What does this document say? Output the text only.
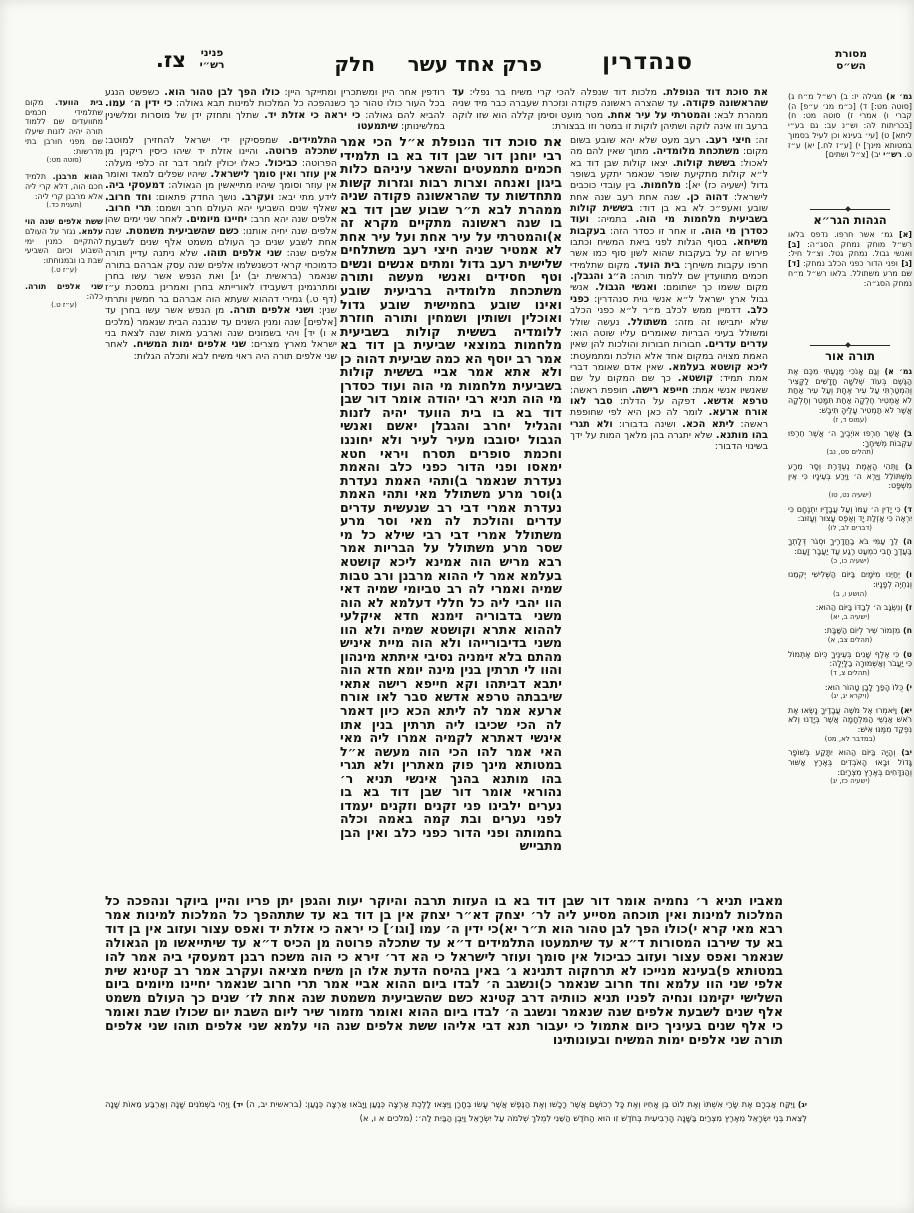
צז.	פניני
רש״י	חלק פרק אחד עשר	סנהדרין	מסורת
הש״ס
בית הוועד. מקום שתלמידי חכמים מתוועדים שם ללמוד תורה יהיה לזנות שיעלו שם מפני חורבן בתי מדרשות:
(סוטה מט:)
ההוא מרבנן. תלמיד חכם הוה, דלא קרי ליה אלא מרבנן קרי ליה:
(תענית כד.)
ששת אלפים שנה הוי עלמא. נגזר על העולם להתקיים כמנין ימי השבוע וכיום השביעי שבת בו ובמנוחתו:
(ע״ז ט.)
שני אלפים תורה. כלה:
(ע״ז ט.)
רודפין אחר היין ומשתכרין ומתייקר היין: כולו הפך לבן טהור הוא. כשפשט הנגע בכל העור כולו טהור כך כשנהפכה כל המלכות למינות תבא גאולה: כי ידין ה׳ עמו. להביא להם גאולה: כי יראה כי אזלת יד. שתלך ותחזק ידן של מוסרות ומלשינין במלשינותן: שיתמעטו
את סוכת דוד הנופלת. מלכות דוד שנפלה להכי קרי משיח בר נפלי: עד שהראשונה פקודה. עד שהצרה ראשונה פקודה ונזכרת שעברה כבר מיד שניה ממהרת לבא: והמטרתי על עיר אחת. מטר מועט וסימן קללה הוא שזו לוקה ברעב וזו אינה לוקה ושתיהן לוקות זו במטר וזו בבצורת:
התלמידים. שמפסיקין ידי ישראל להחזירן למוטב: שתכלה פרוטה. והיינו אזלת יד שיהו כיסין ריקנין מן הפרוטה: כביכול. כאלו יכולין לומר דבר זה כלפי מעלה: אין עוזר ואין סומך לישראל. שיהיו שפלים למאד ואומר אין עוזר וסומך שיהיו מתייאשין מן הגאולה: דמעסקי ביה. לידע מתי יבא: ועקרב. נושך החדק פתאום: וחד חרוב. שאלף שנים השביעי יהא העולם חרב ושמם: תרי חרוב. אלפים שנה יהא חרב: יחיינו מיומים. לאחר שני ימים שהן אלפים שנה יחיה אותנו: כשם שהשביעית משמטת. שנה אחת לשבע שנים כך העולם משמט אלף שנים לשבעת אלפים שנה: שני אלפים תוהו. שלא ניתנה עדיין תורה כדמוכחי קראי דכשנשלמו אלפים שנה עסק אברהם בתורה שנאמר (בראשית יב) יג] ואת הנפש אשר עשו בחרן ומתרגמינן דשעבידו לאורייתא בחרן ואמרינן במסכת ע״ז (דף ט.) גמירי דההוא שעתא הוה אברהם בר חמשין ותרתי שנין: ושני אלפים תורה. מן הנפש אשר עשו בחרן עד [אלפים] שנה ומנין השנים עד שנבנה הבית שנאמר (מלכים א ו) יד] ויהי בשמונים שנה וארבע מאות שנה לצאת בני ישראל מארץ מצרים: שני אלפים ימות המשיח. לאחר שני אלפים תורה היה ראוי משיח לבא ותכלה הגלות:
את סוכת דוד הנופלת א״ל הכי אמר רבי יוחנן דור שבן דוד בא בו תלמידי חכמים מתמעטים והשאר עיניהם כלות ביגון ואנחה וצרות רבות וגזרות קשות מתחדשות עד שהראשונה פקודה שניה ממהרת לבא ת״ר שבוע שבן דוד בא בו שנה ראשונה מתקיים מקרא זה א)והמטרתי על עיר אחת ועל עיר אחת לא אמטיר שניה חיצי רעב משתלחים שלישית רעב גדול ומתים אנשים ונשים וטף חסידים ואנשי מעשה ותורה משתכחת מלומדיה ברביעית שובע ואינו שובע בחמישית שובע גדול ואוכלין ושותין ושמחין ותורה חוזרת ללומדיה בששית קולות בשביעית מלחמות במוצאי שביעית בן דוד בא אמר רב יוסף הא כמה שביעית דהוה כן ולא אתא אמר אביי בששית קולות בשביעית מלחמות מי הוה ועוד כסדרן מי הוה תניא רבי יהודה אומר דור שבן דוד בא בו בית הוועד יהיה לזנות והגליל יחרב והגבלן יאשם ואנשי הגבול יסובבו מעיר לעיר ולא יחוננו וחכמת סופרים תסרח ויראי חטא ימאסו ופני הדור כפני כלב והאמת נעדרת שנאמר ב)ותהי האמת נעדרת ג)וסר מרע משתולל מאי ותהי האמת נעדרת אמרי דבי רב שנעשית עדרים עדרים והולכת לה מאי וסר מרע משתולל אמרי דבי רבי שילא כל מי שסר מרע משתולל על הבריות אמר רבא מריש הוה אמינא ליכא קושטא בעלמא אמר לי ההוא מרבנן ורב טבות שמיה ואמרי לה רב טביומי שמיה דאי הוו יהבי ליה כל חללי דעלמא לא הוה משני בדבוריה זימנא חדא איקלעי לההוא אתרא וקושטא שמיה ולא הוו משני בדיבורייהו ולא הוה מיית איניש מהתם בלא זימניה נסיבי איתתא מינהון והוו לי תרתין בנין מינה יומא חדא הוה יתבא דביתהו וקא חייפא רישה אתאי שיבבתה טרפא אדשא סבר לאו אורח ארעא אמר לה ליתא הכא כיון דאמר לה הכי שכיבו ליה תרתין בנין אתו אינשי דאתרא לקמיה אמרו ליה מאי האי אמר להו הכי הוה מעשה א״ל במטותא מינך פוק מאתרין ולא תגרי בהו מותנא בהנך אינשי תניא ר׳ נהוראי אומר דור שבן דוד בא בו נערים ילבינו פני זקנים וזקנים יעמדו לפני נערים ובת קמה באמה וכלה בחמותה ופני הדור כפני כלב ואין הבן מתבייש
זה: חיצי רעב. רעב מעט שלא יהא שובע בשום מקום: משתכחת מלומדיה. מתוך שאין להם מה לאכול: בששת קולות. יצאו קולות שבן דוד בא ל״א קולות מתקיעת שופר שנאמר יתקע בשופר גדול (ישעיה כז) יא]: מלחמות. בין עובדי כוכבים לישראל: דהוה כן. שנה אחת רעב שנה אחת שובע ואעפ״כ לא בא בן דוד: בששית קולות בשביעית מלחמות מי הוה. בתמיה: ועוד כסדרן מי הוה. זו אחר זו כסדר הזה: בעקבות משיחא. בסוף הגלות לפני ביאת המשיח וכתבו פירוש זה על בעקבות שהוא לשון סוף כמו אשר חרפו עקבות משיחך: בית הועד. מקום שתלמידי חכמים מתוועדין שם ללמוד תורה: ה״ג והגבלן. מקום ששמו כך ישתומם: ואנשי הגבול. אנשי גבול ארץ ישראל ל״א אנשי גוית סנהדרין: כפני כלב. דדמיין ממש לכלב מ״ר ל״א כפני הכלב שלא יתבישו זה מזה: משתולל. נעשה שולל ומשולל בעיני הבריות שאומרים עליו שוטה הוא: עדרים עדרים. חבורות חבורות והולכות להן שאין האמת מצויה במקום אחד אלא הולכת ומתמעטת: ליכא קושטא בעלמא. שאין אדם שאומר דברי אמת תמיד: קושטא. כך שם המקום על שם שאנשיו אנשי אמת: חייפא רישה. חופפת ראשה: טרפא אדשא. דפקה על הדלת: סבר לאו אורח ארעא. לומר לה כאן היא לפי שחופפת ראשה: ליתא הכא. ושינה בדבורו: ולא תגרי בהו מותנא. שלא יתגרה בהן מלאך המות על ידך בשינוי הדבור:
מאביו תניא ר׳ נחמיה אומר דור שבן דוד בא בו העזות תרבה והיוקר יעות והגפן יתן פריו והיין ביוקר ונהפכה כל המלכות למינות ואין תוכחה מסייע ליה לר׳ יצחק דא״ר יצחק אין בן דוד בא עד שתתהפך כל המלכות למינות אמר רבא מאי קרא י)כולו הפך לבן טהור הוא ת״ר יא)כי ידין ה׳ עמו [וגו׳] כי יראה כי אזלת יד ואפס עצור ועזוב אין בן דוד בא עד שירבו המסורות ד״א עד שיתמעטו התלמידים ד״א עד שתכלה פרוטה מן הכיס ד״א עד שיתייאשו מן הגאולה שנאמר ואפס עצור ועזוב כביכול אין סומך ועוזר לישראל כי הא דר׳ זירא כי הוה משכח רבנן דמעסקי ביה אמר להו במטותא פ)בעינא מנייכו לא תרחקוה דתנינא ג׳ באין בהיסח הדעת אלו הן משיח מציאה ועקרב אמר רב קטינא שית אלפי שני הוו עלמא וחד חרוב שנאמר כ)ונשגב ה׳ לבדו ביום ההוא אביי אמר תרי חרוב שנאמר יחיינו מיומים ביום השלישי יקימנו ונחיה לפניו תניא כוותיה דרב קטינא כשם שהשביעית משמטת שנה אחת לז׳ שנים כך העולם משמט אלף שנים לשבעת אלפים שנה שנאמר ונשגב ה׳ לבדו ביום ההוא ואומר מזמור שיר ליום השבת יום שכולו שבת ואומר כי אלף שנים בעיניך כיום אתמול כי יעבור תנא דבי אליהו ששת אלפים שנה הוי עלמא שני אלפים תוהו שני אלפים תורה שני אלפים ימות המשיח ובעונותינו
יג) וַיִּקַּח אַבְרָם אֶת שָׂרַי אִשְׁתּוֹ וְאֶת לוֹט בֶּן אָחִיו וְאֶת כָּל רְכוּשָׁם אֲשֶׁר רָכָשׁוּ וְאֶת הַנֶּפֶשׁ אֲשֶׁר עָשׂוּ בְחָרָן וַיֵּצְאוּ לָלֶכֶת אַרְצָה כְּנַעַן וַיָּבֹאוּ אַרְצָה כְּנָעַן: (בראשית יב, ה) יד) וַיְהִי בִשְׁמֹנִים שָׁנָה וְאַרְבַּע מֵאוֹת שָׁנָה לְצֵאת בְּנֵי יִשְׂרָאֵל מֵאֶרֶץ מִצְרַיִם בַּשָּׁנָה הָרְבִיעִית בְּחֹדֶשׁ זִו הוּא הַחֹדֶשׁ הַשֵּׁנִי לִמְלֹךְ שְׁלֹמֹה עַל יִשְׂרָאֵל וַיִּבֶן הַבַּיִת לַה׳: (מלכים א ו, א)
גמ׳ א) מגילה יז: ב) רש״ל מ״ח ג) [סוטה מט:] ד) [כ״מ מנ׳ ע״פ] ה) קברי ו) אמרי ז) סוטה מט: ח) [בכריתות לה: וש״נ עב: גם בע״י ליתא] ט) [עי׳ בעינא וכן לעיל בסמוך במטותא מינך] י) [ע״ז לח.] יא) ע״ז ט. רש״י יב) [צ״ל ושתים]
הגהות הגר״א
[א] גמ׳ אשר חרפו. נדפס בלאו רש״ל מוחק נמחק הסג״ה: [ב] ואנשי גבול. נמחק גטל. וצ״ל חיל: [ג] ופני הדור כפני הכלב נמחק: [ד] שם מרע משתולל. בלאו רש״ל מ״ח נמחק הסג״ה:
תורה אור
גמ׳ א) וְגַם אָנֹכִי מָנַעְתִּי מִכֶּם אֶת הַגֶּשֶׁם בְּעוֹד שְׁלֹשָׁה חֳדָשִׁים לַקָּצִיר וְהִמְטַרְתִּי עַל עִיר אֶחָת וְעַל עִיר אַחַת לֹא אַמְטִיר חֶלְקָה אַחַת תִּמָּטֵר וְחֶלְקָה אֲשֶׁר לֹא תַמְטִיר עָלֶיהָ תִּיבָשׁ:
(עמוס ד, ז)
ב) אֲשֶׁר חֵרְפוּ אוֹיְבֶיךָ ה׳ אֲשֶׁר חֵרְפוּ עִקְּבוֹת מְשִׁיחֶךָ:
(תהלים פט, נב)
ג) וַתְּהִי הָאֱמֶת נֶעְדֶּרֶת וְסָר מֵרָע מִשְׁתּוֹלֵל וַיַּרְא ה׳ וַיֵּרַע בְּעֵינָיו כִּי אֵין מִשְׁפָּט:
(ישעיה נט, טו)
ד) כִּי יָדִין ה׳ עַמּוֹ וְעַל עֲבָדָיו יִתְנֶחָם כִּי יִרְאֶה כִּי אָזְלַת יָד וְאֶפֶס עָצוּר וְעָזוּב:
(דברים לב, לו)
ה) לֵךְ עַמִּי בֹּא בַחֲדָרֶיךָ וּסְגֹר דְּלָתְךָ בַּעֲדֶךָ חֲבִי כִמְעַט רֶגַע עַד יַעֲבָר זָעַם:
(ישעיה כו, כ)
ו) יְחַיֵּנוּ מִיֹּמָיִם בַּיּוֹם הַשְּׁלִישִׁי יְקִמֵנוּ וְנִחְיֶה לְפָנָיו:
(הושע ו, ב)
ז) וְנִשְׂגַּב ה׳ לְבַדּוֹ בַּיּוֹם הַהוּא:
(ישעיה ב, יא)
ח) מִזְמוֹר שִׁיר לְיוֹם הַשַּׁבָּת:
(תהלים צב, א)
ט) כִּי אֶלֶף שָׁנִים בְּעֵינֶיךָ כְּיוֹם אֶתְמוֹל כִּי יַעֲבֹר וְאַשְׁמוּרָה בַלָּיְלָה:
(תהלים צ, ד)
י) כֻּלּוֹ הָפַךְ לָבָן טָהוֹר הוּא:
(ויקרא יג, יג)
יא) וַיֹּאמְרוּ אֶל מֹשֶׁה עֲבָדֶיךָ נָשְׂאוּ אֶת רֹאשׁ אַנְשֵׁי הַמִּלְחָמָה אֲשֶׁר בְּיָדֵנוּ וְלֹא נִפְקַד מִמֶּנּוּ אִישׁ:
(במדבר לא, מט)
יב) וְהָיָה בַּיּוֹם הַהוּא יִתָּקַע בְּשׁוֹפָר גָּדוֹל וּבָאוּ הָאֹבְדִים בְּאֶרֶץ אַשּׁוּר וְהַנִּדָּחִים בְּאֶרֶץ מִצְרָיִם:
(ישעיה כז, יג)
